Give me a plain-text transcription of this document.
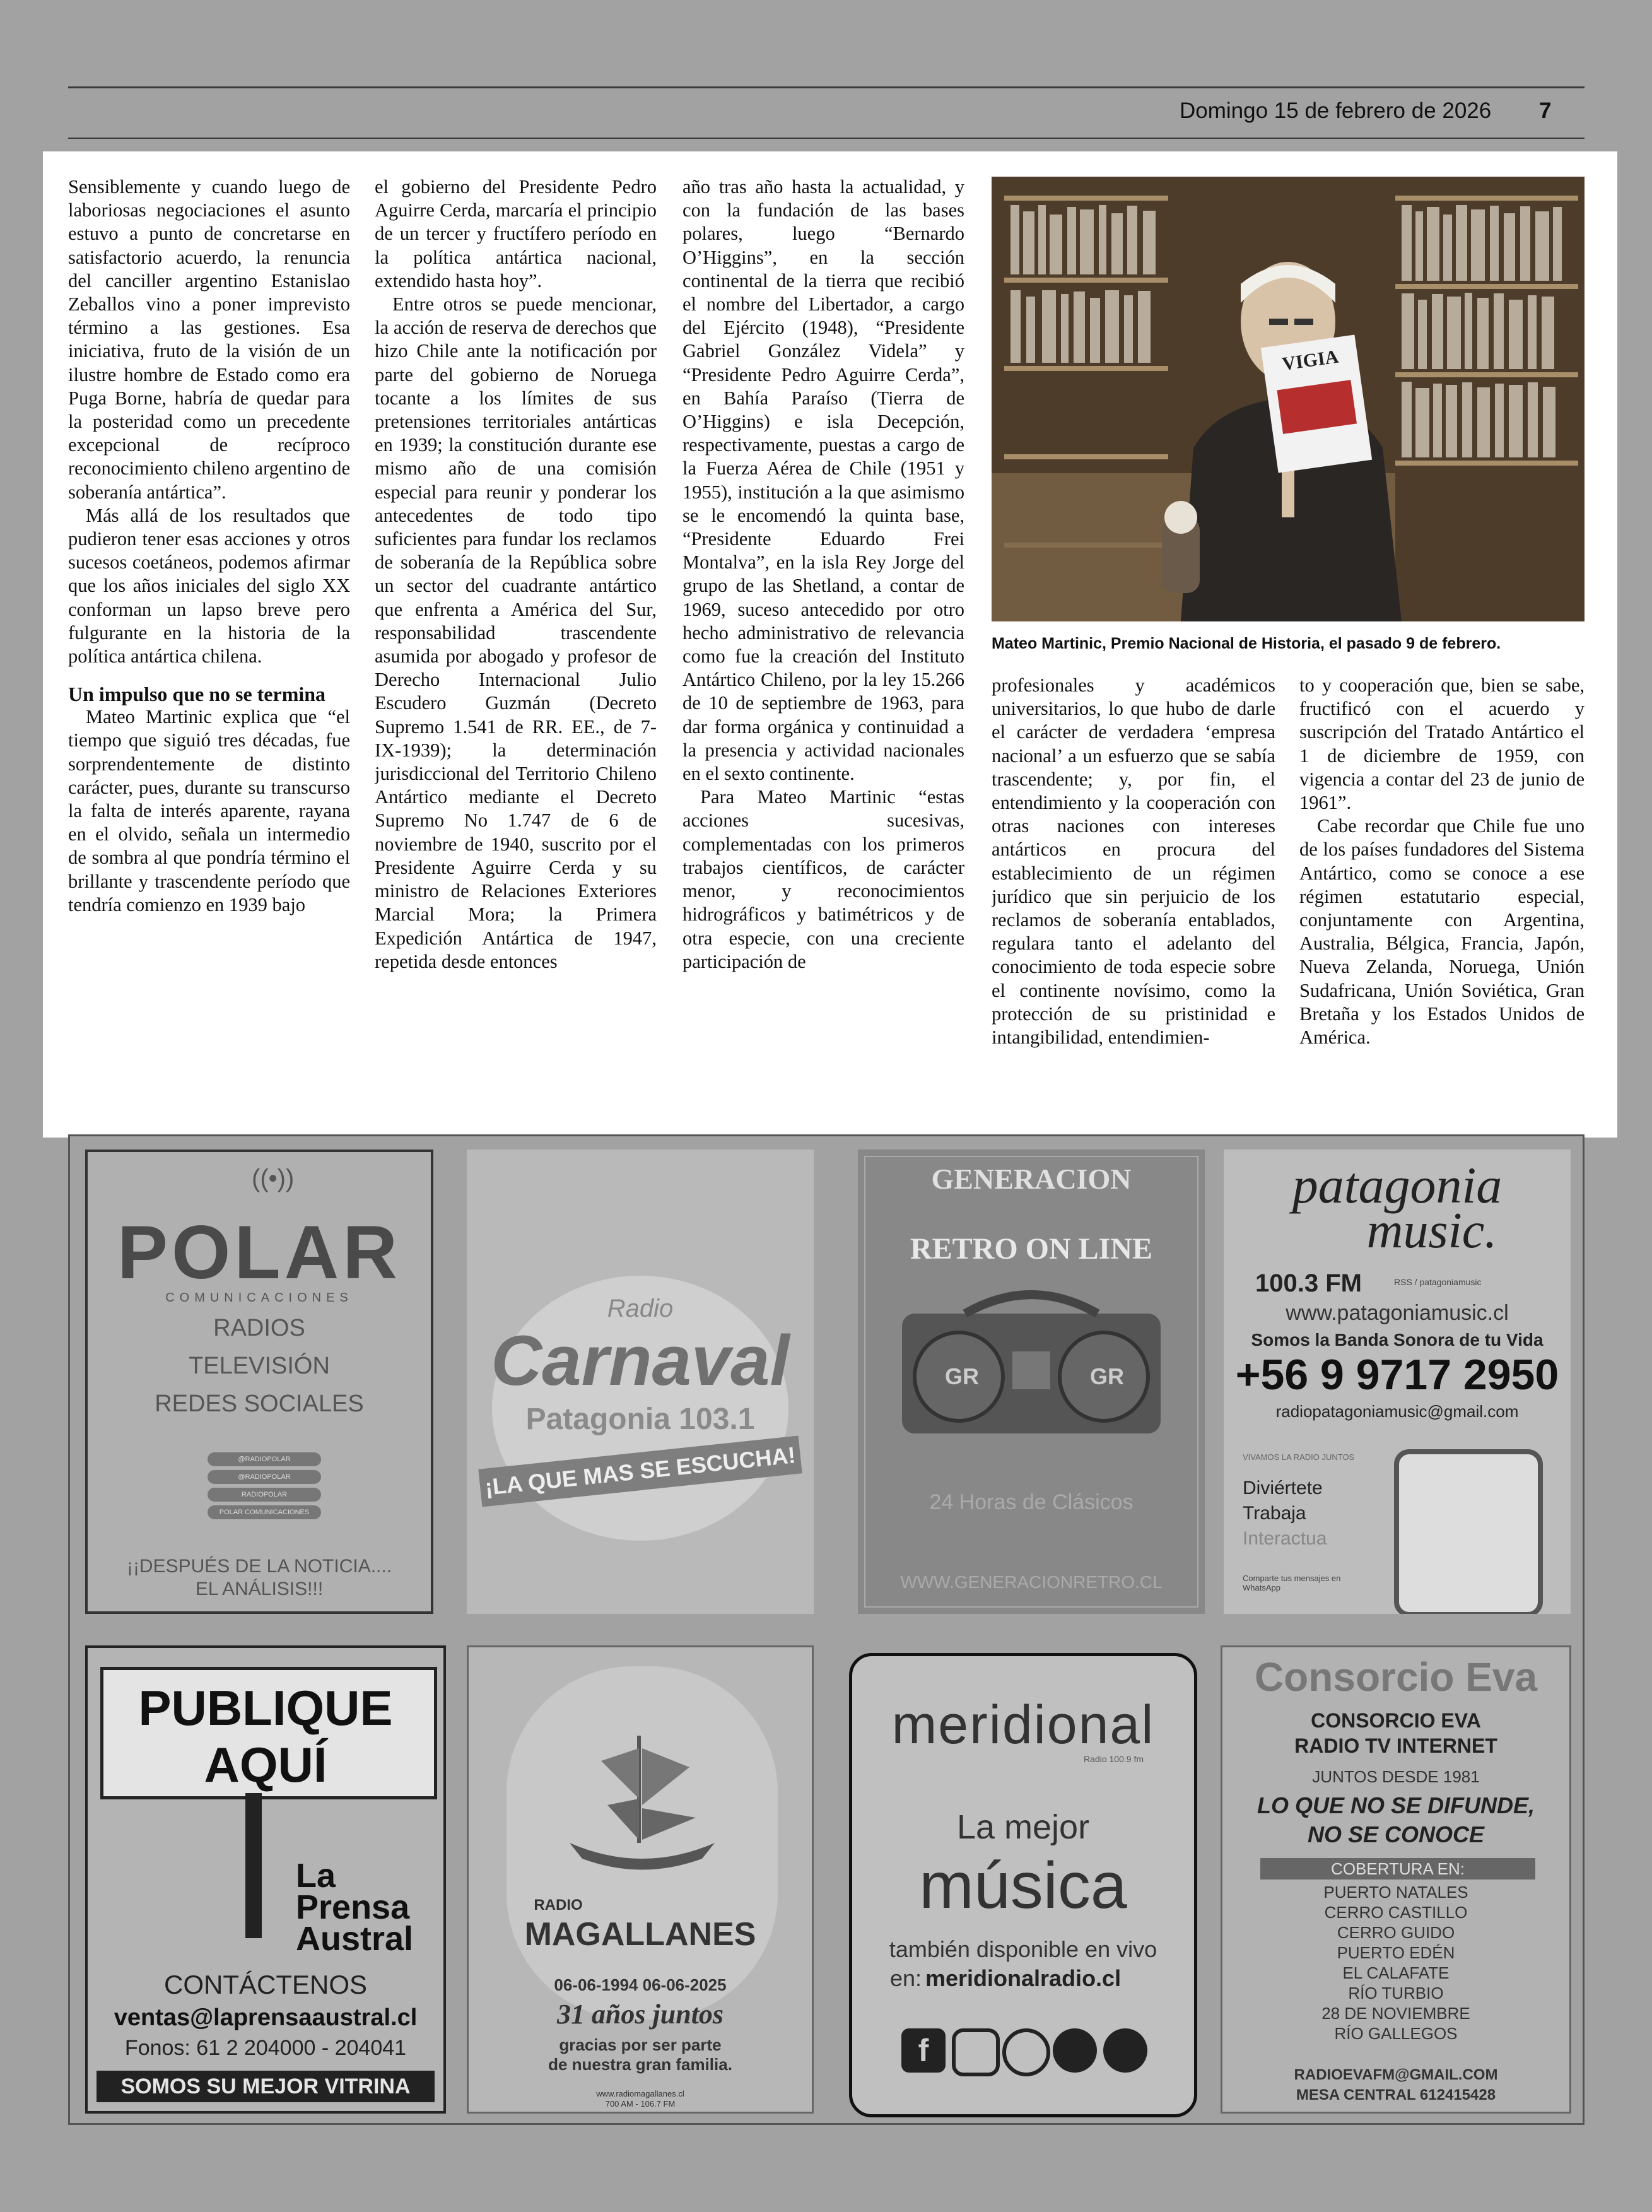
Domingo 15 de febrero de 2026 7

Sensiblemente y cuando luego de laboriosas negociaciones el asunto estuvo a punto de concretarse en satisfactorio acuerdo, la renuncia del canciller argentino Estanislao Zeballos vino a poner imprevisto término a las gestiones. Esa iniciativa, fruto de la visión de un ilustre hombre de Estado como era Puga Borne, habría de quedar para la posteridad como un precedente excepcional de recíproco reconocimiento chileno argentino de soberanía antártica”.

Más allá de los resultados que pudieron tener esas acciones y otros sucesos coetáneos, podemos afirmar que los años iniciales del siglo XX conforman un lapso breve pero fulgurante en la historia de la política antártica chilena.

Un impulso que no se termina

Mateo Martinic explica que “el tiempo que siguió tres décadas, fue sorprendentemente de distinto carácter, pues, durante su transcurso la falta de interés aparente, rayana en el olvido, señala un intermedio de sombra al que pondría término el brillante y trascendente período que tendría comienzo en 1939 bajo

el gobierno del Presidente Pedro Aguirre Cerda, marcaría el principio de un tercer y fructífero período en la política antártica nacional, extendido hasta hoy”.

Entre otros se puede mencionar, la acción de reserva de derechos que hizo Chile ante la notificación por parte del gobierno de Noruega tocante a los límites de sus pretensiones territoriales antárticas en 1939; la constitución durante ese mismo año de una comisión especial para reunir y ponderar los antecedentes de todo tipo suficientes para fundar los reclamos de soberanía de la República sobre un sector del cuadrante antártico que enfrenta a América del Sur, responsabilidad trascendente asumida por abogado y profesor de Derecho Internacional Julio Escudero Guzmán (Decreto Supremo 1.541 de RR. EE., de 7-IX-1939); la determinación jurisdiccional del Territorio Chileno Antártico mediante el Decreto Supremo No 1.747 de 6 de noviembre de 1940, suscrito por el Presidente Aguirre Cerda y su ministro de Relaciones Exteriores Marcial Mora; la Primera Expedición Antártica de 1947, repetida desde entonces

año tras año hasta la actualidad, y con la fundación de las bases polares, luego “Bernardo O’Higgins”, en la sección continental de la tierra que recibió el nombre del Libertador, a cargo del Ejército (1948), “Presidente Gabriel González Videla” y “Presidente Pedro Aguirre Cerda”, en Bahía Paraíso (Tierra de O’Higgins) e isla Decepción, respectivamente, puestas a cargo de la Fuerza Aérea de Chile (1951 y 1955), institución a la que asimismo se le encomendó la quinta base, “Presidente Eduardo Frei Montalva”, en la isla Rey Jorge del grupo de las Shetland, a contar de 1969, suceso antecedido por otro hecho administrativo de relevancia como fue la creación del Instituto Antártico Chileno, por la ley 15.266 de 10 de septiembre de 1963, para dar forma orgánica y continuidad a la presencia y actividad nacionales en el sexto continente.

Para Mateo Martinic “estas acciones sucesivas, complementadas con los primeros trabajos científicos, de carácter menor, y reconocimientos hidrográficos y batimétricos y de otra especie, con una creciente participación de

VIGIA
Mateo Martinic, Premio Nacional de Historia, el pasado 9 de febrero.

profesionales y académicos universitarios, lo que hubo de darle el carácter de verdadera ‘empresa nacional’ a un esfuerzo que se sabía trascendente; y, por fin, el entendimiento y la cooperación con otras naciones con intereses antárticos en procura del establecimiento de un régimen jurídico que sin perjuicio de los reclamos de soberanía entablados, regulara tanto el adelanto del conocimiento de toda especie sobre el continente novísimo, como la protección de su pristinidad e intangibilidad, entendimien-

to y cooperación que, bien se sabe, fructificó con el acuerdo y suscripción del Tratado Antártico el 1 de diciembre de 1959, con vigencia a contar del 23 de junio de 1961”.

Cabe recordar que Chile fue uno de los países fundadores del Sistema Antártico, como se conoce a ese régimen estatutario especial, conjuntamente con Argentina, Australia, Bélgica, Francia, Japón, Nueva Zelanda, Noruega, Unión Sudafricana, Unión Soviética, Gran Bretaña y los Estados Unidos de América.

POLAR
((•))
COMUNICACIONES
RADIOS
TELEVISIÓN
REDES SOCIALES
@RADIOPOLAR
@RADIOPOLAR
RADIOPOLAR
POLAR COMUNICACIONES
¡¡DESPUÉS DE LA NOTICIA....
EL ANÁLISIS!!!
Radio
Carnaval
Patagonia 103.1
¡LA QUE MAS SE ESCUCHA!
GENERACION
RETRO ON LINE
GR	GR
24 Horas de Clásicos
WWW.GENERACIONRETRO.CL
patagonia
music.
100.3 FM	RSS / patagoniamusic
www.patagoniamusic.cl
Somos la Banda Sonora de tu Vida
+56 9 9717 2950
radiopatagoniamusic@gmail.com
VIVAMOS LA RADIO JUNTOS
Diviértete
Trabaja
Interactua
Comparte tus mensajes en WhatsApp
PUBLIQUE
AQUÍ
La
Prensa
Austral
CONTÁCTENOS
ventas@laprensaaustral.cl
Fonos: 61 2 204000 - 204041
SOMOS SU MEJOR VITRINA
RADIO
MAGALLANES
06-06-1994 06-06-2025
31 años juntos
gracias por ser parte
de nuestra gran familia.
www.radiomagallanes.cl
700 AM - 106.7 FM
meridional
Radio 100.9 fm
La mejor
música
también disponible en vivo
en: meridionalradio.cl
f
Consorcio Eva
CONSORCIO EVA
RADIO TV INTERNET
JUNTOS DESDE 1981
LO QUE NO SE DIFUNDE,
NO SE CONOCE
COBERTURA EN:
PUERTO NATALES
CERRO CASTILLO
CERRO GUIDO
PUERTO EDÉN
EL CALAFATE
RÍO TURBIO
28 DE NOVIEMBRE
RÍO GALLEGOS
RADIOEVAFM@GMAIL.COM
MESA CENTRAL 612415428
